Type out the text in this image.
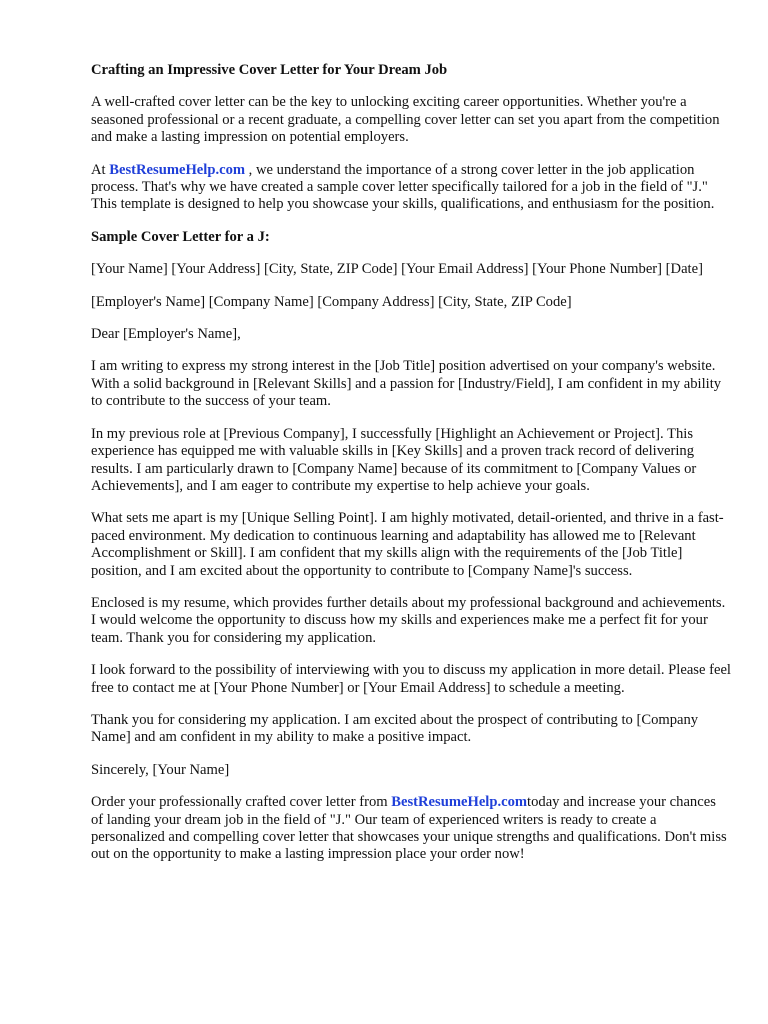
Crafting an Impressive Cover Letter for Your Dream Job

A well-crafted cover letter can be the key to unlocking exciting career opportunities. Whether you're a seasoned professional or a recent graduate, a compelling cover letter can set you apart from the competition and make a lasting impression on potential employers.

At BestResumeHelp.com , we understand the importance of a strong cover letter in the job application process. That's why we have created a sample cover letter specifically tailored for a job in the field of "J." This template is designed to help you showcase your skills, qualifications, and enthusiasm for the position.

Sample Cover Letter for a J:

[Your Name] [Your Address] [City, State, ZIP Code] [Your Email Address] [Your Phone Number] [Date]

[Employer's Name] [Company Name] [Company Address] [City, State, ZIP Code]

Dear [Employer's Name],

I am writing to express my strong interest in the [Job Title] position advertised on your company's website. With a solid background in [Relevant Skills] and a passion for [Industry/Field], I am confident in my ability to contribute to the success of your team.

In my previous role at [Previous Company], I successfully [Highlight an Achievement or Project]. This experience has equipped me with valuable skills in [Key Skills] and a proven track record of delivering results. I am particularly drawn to [Company Name] because of its commitment to [Company Values or Achievements], and I am eager to contribute my expertise to help achieve your goals.

What sets me apart is my [Unique Selling Point]. I am highly motivated, detail-oriented, and thrive in a fast-paced environment. My dedication to continuous learning and adaptability has allowed me to [Relevant Accomplishment or Skill]. I am confident that my skills align with the requirements of the [Job Title] position, and I am excited about the opportunity to contribute to [Company Name]'s success.

Enclosed is my resume, which provides further details about my professional background and achievements. I would welcome the opportunity to discuss how my skills and experiences make me a perfect fit for your team. Thank you for considering my application.

I look forward to the possibility of interviewing with you to discuss my application in more detail. Please feel free to contact me at [Your Phone Number] or [Your Email Address] to schedule a meeting.

Thank you for considering my application. I am excited about the prospect of contributing to [Company Name] and am confident in my ability to make a positive impact.

Sincerely, [Your Name]

Order your professionally crafted cover letter from BestResumeHelp.comtoday and increase your chances of landing your dream job in the field of "J." Our team of experienced writers is ready to create a personalized and compelling cover letter that showcases your unique strengths and qualifications. Don't miss out on the opportunity to make a lasting impression place your order now!
